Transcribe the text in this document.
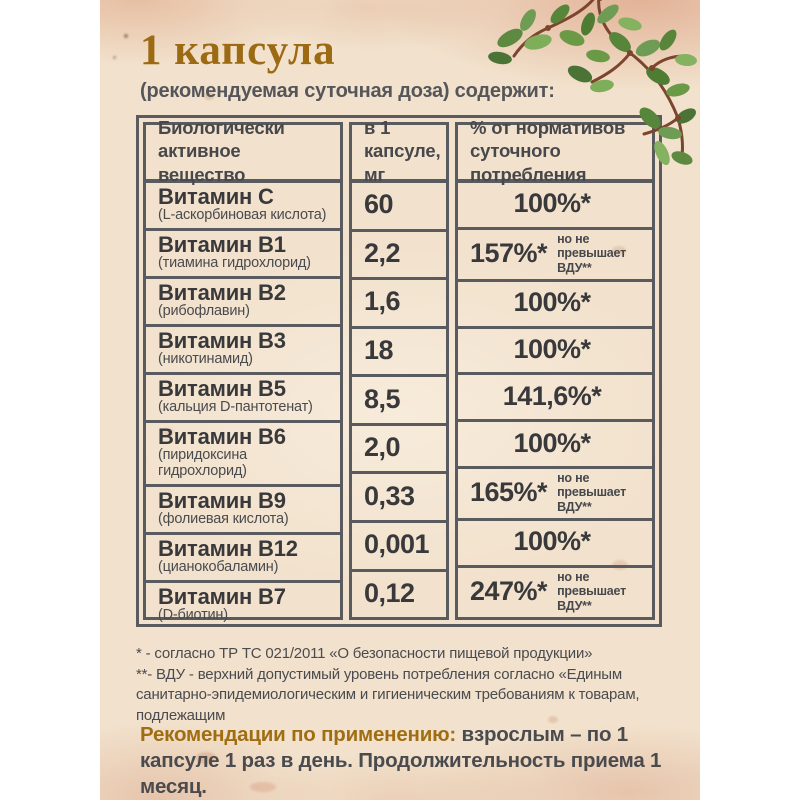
1 капсула

(рекомендуемая суточная доза) содержит:

Биологически активное вещество
Витамин С
(L-аскорбиновая кислота)
Витамин В1
(тиамина гидрохлорид)
Витамин В2
(рибофлавин)
Витамин В3
(никотинамид)
Витамин В5
(кальция D-пантотенат)
Витамин В6
(пиридоксина гидрохлорид)
Витамин В9
(фолиевая кислота)
Витамин В12
(цианокобаламин)
Витамин В7
(D-биотин)
в 1 капсуле, мг
60
2,2
1,6
18
8,5
2,0
0,33
0,001
0,12
% от нормативов суточного потребления
100%*
157%* но не превышает ВДУ**
100%*
100%*
141,6%*
100%*
165%* но не превышает ВДУ**
100%*
247%* но не превышает ВДУ**

* - согласно ТР ТС 021/2011 «О безопасности пищевой продукции»

**- ВДУ - верхний допустимый уровень потребления согласно «Единым санитарно-эпидемиологическим и гигиеническим требованиям к товарам, подлежащим

Рекомендации по применению: взрослым – по 1 капсуле 1 раз в день. Продолжительность приема 1 месяц.
